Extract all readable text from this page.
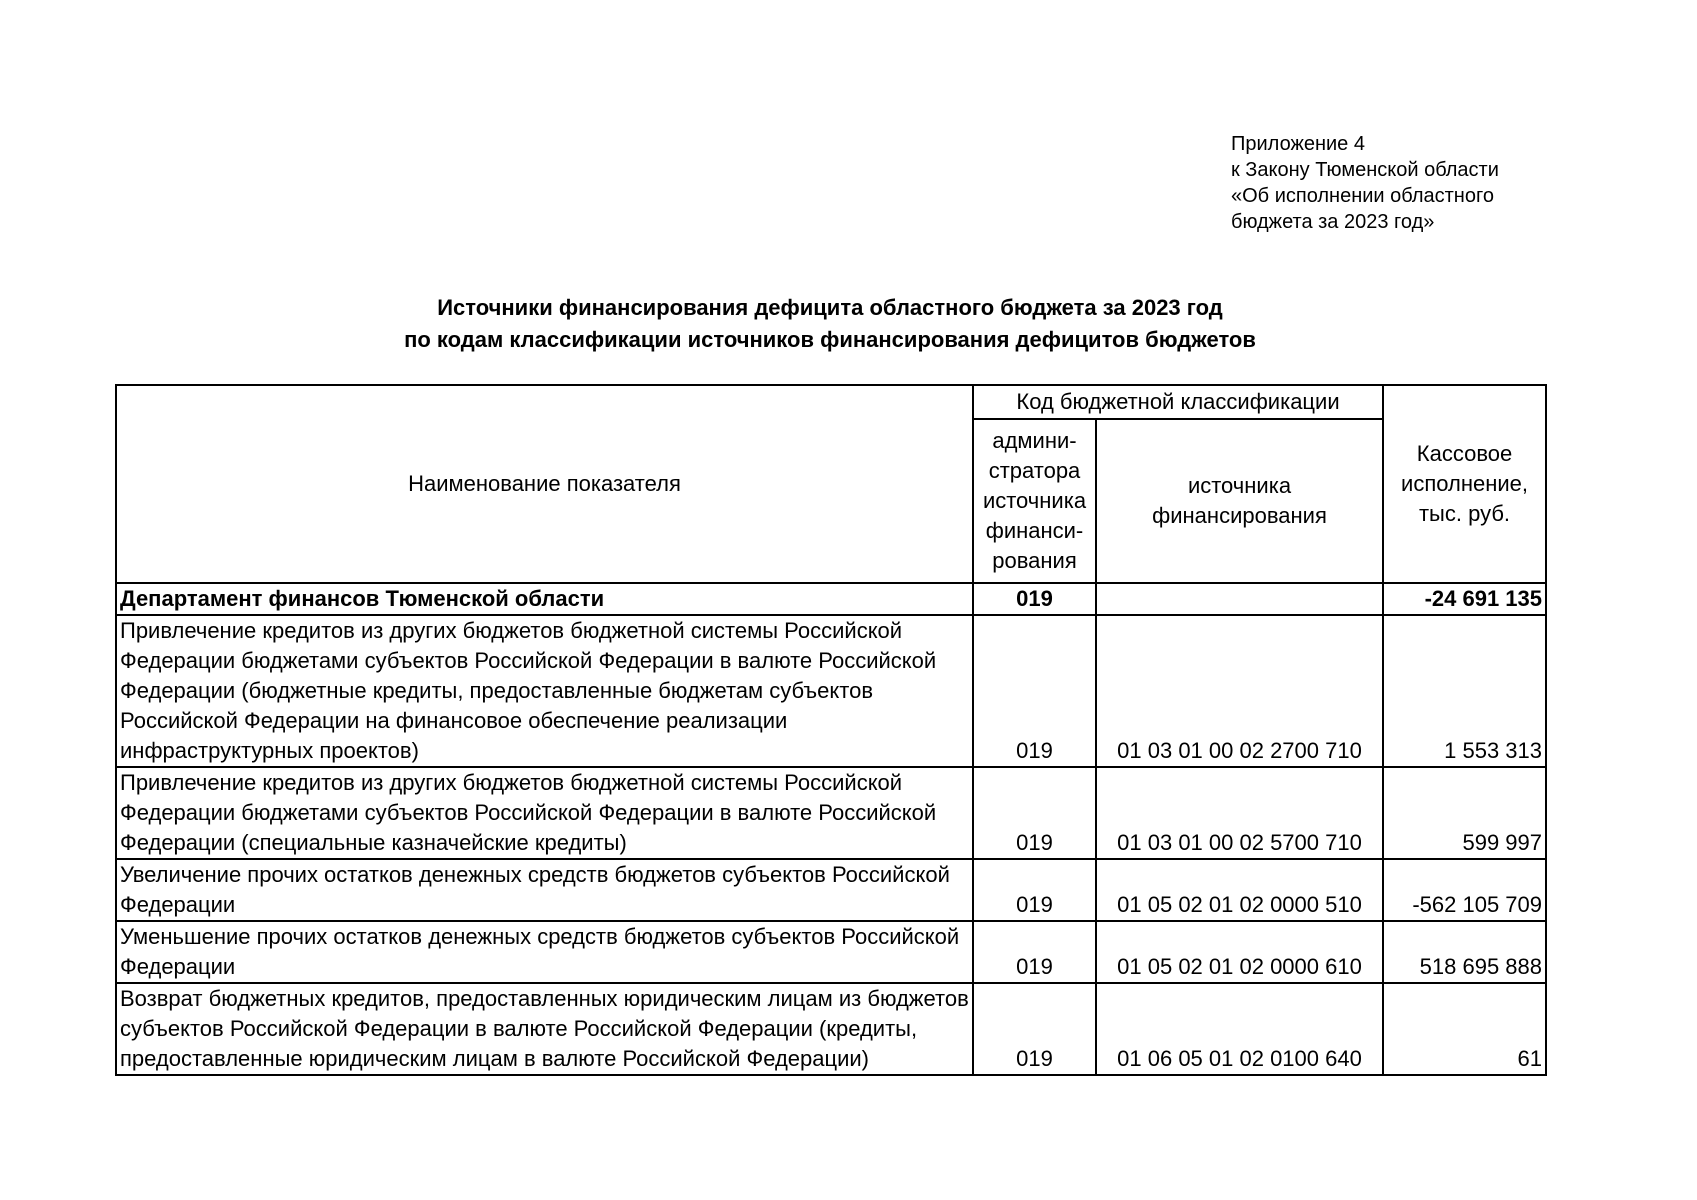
Приложение 4
к Закону Тюменской области
«Об исполнении областного
бюджета за 2023 год»
Источники финансирования дефицита областного бюджета за 2023 год
по кодам классификации источников финансирования дефицитов бюджетов
Наименование показателя	Код бюджетной классификации		Кассовое исполнение, тыс. руб.

	админи-
стратора
источника
финанси-
рования	источника финансирования	
Департамент финансов Тюменской области	019		-24 691 135
Привлечение кредитов из других бюджетов бюджетной системы Российской Федерации бюджетами субъектов Российской Федерации в валюте Российской Федерации (бюджетные кредиты, предоставленные бюджетам субъектов Российской Федерации на финансовое обеспечение реализации инфраструктурных проектов)	019	01 03 01 00 02 2700 710	1 553 313
Привлечение кредитов из других бюджетов бюджетной системы Российской Федерации бюджетами субъектов Российской Федерации в валюте Российской Федерации (специальные казначейские кредиты)	019	01 03 01 00 02 5700 710	599 997
Увеличение прочих остатков денежных средств бюджетов субъектов Российской Федерации	019	01 05 02 01 02 0000 510	-562 105 709
Уменьшение прочих остатков денежных средств бюджетов субъектов Российской Федерации	019	01 05 02 01 02 0000 610	518 695 888
Возврат бюджетных кредитов, предоставленных юридическим лицам из бюджетов субъектов Российской Федерации в валюте Российской Федерации (кредиты, предоставленные юридическим лицам в валюте Российской Федерации)	019	01 06 05 01 02 0100 640	61
